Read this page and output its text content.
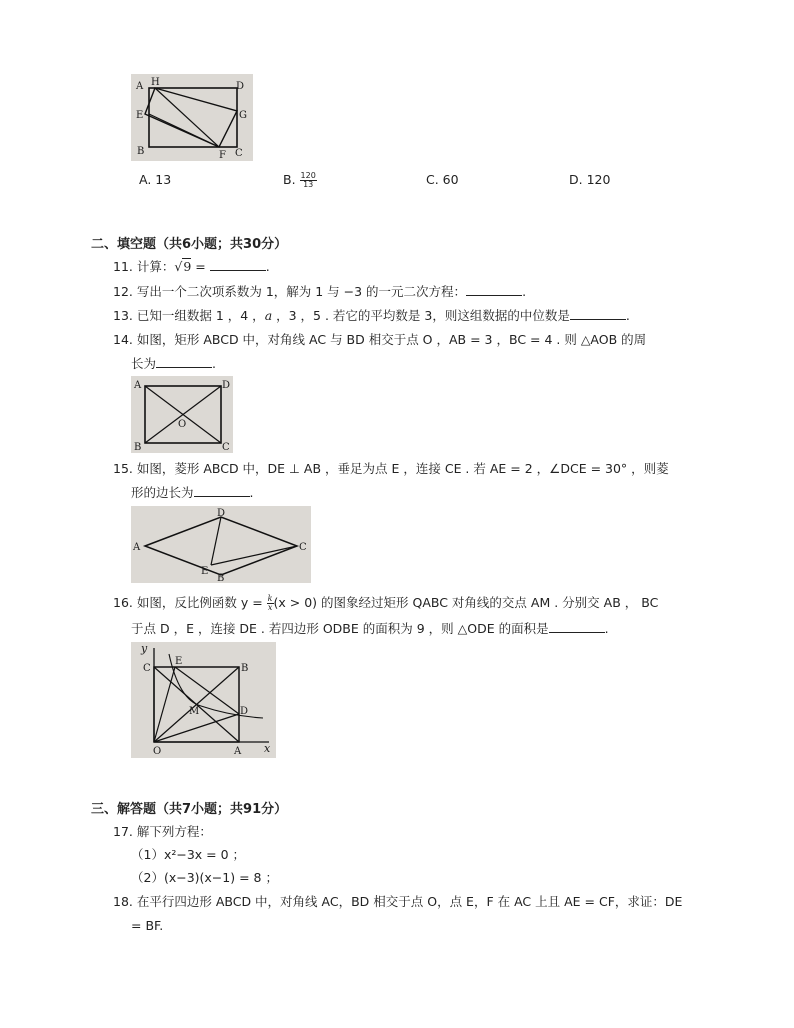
A H	D
E	G
B	F C
A. 13	B. $\frac{120}{13}$	C. 60	D. 120
二、填空题（共6小题；共30分）
11. 计算：√9 =	.
12. 写出一个二次项系数为 1，解为 1 与 −3 的一元二次方程：	.
13. 已知一组数据 1 ，4 ，a ，3 ，5 . 若它的平均数是 3，则这组数据的中位数是	.
14. 如图，矩形 ABCD 中，对角线 AC 与 BD 相交于点 O ，AB = 3 ，BC = 4 . 则 △AOB 的周
长为	.
A	D
O
B	C
15. 如图，菱形 ABCD 中，DE ⊥ AB ，垂足为点 E ，连接 CE . 若 AE = 2 ，∠DCE = 30° ，则菱
形的边长为	.
A
D
C
E
B
16. 如图，反比例函数 $y = \frac{k}{x} (x > 0)$ 的图象经过矩形 QABC 对角线的交点 AM . 分别交 AB ， BC
于点 D ，E ，连接 DE . 若四边形 ODBE 的面积为 9 ，则 △ODE 的面积是	.
y
C
E
B
M	D
O	A x
三、解答题（共7小题；共91分）
17. 解下列方程：
（1）x²−3x = 0 ；
（2）(x−3)(x−1) = 8 ；
18. 在平行四边形 ABCD 中，对角线 AC，BD 相交于点 O，点 E，F 在 AC 上且 AE = CF，求证：DE
= BF.
